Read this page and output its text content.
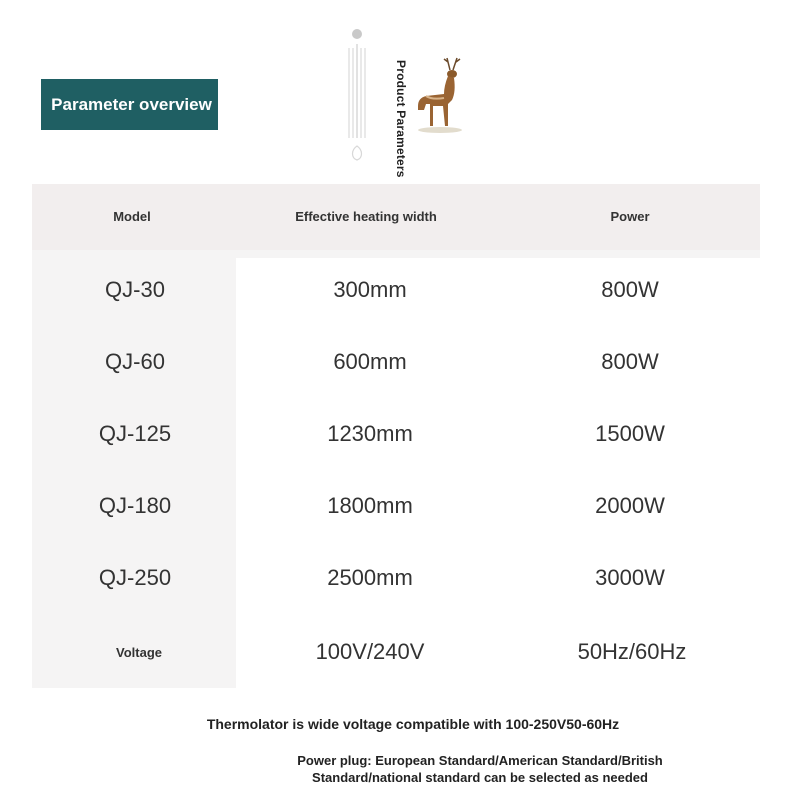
Parameter overview	Product Parameters
Model	Effective heating width	Power
QJ-30	300mm	800W
QJ-60	600mm	800W
QJ-125	1230mm	1500W
QJ-180	1800mm	2000W
QJ-250	2500mm	3000W
Voltage	100V/240V	50Hz/60Hz
Thermolator is wide voltage compatible with 100-250V50-60Hz
Power plug: European Standard/American Standard/British Standard/national standard can be selected as needed
